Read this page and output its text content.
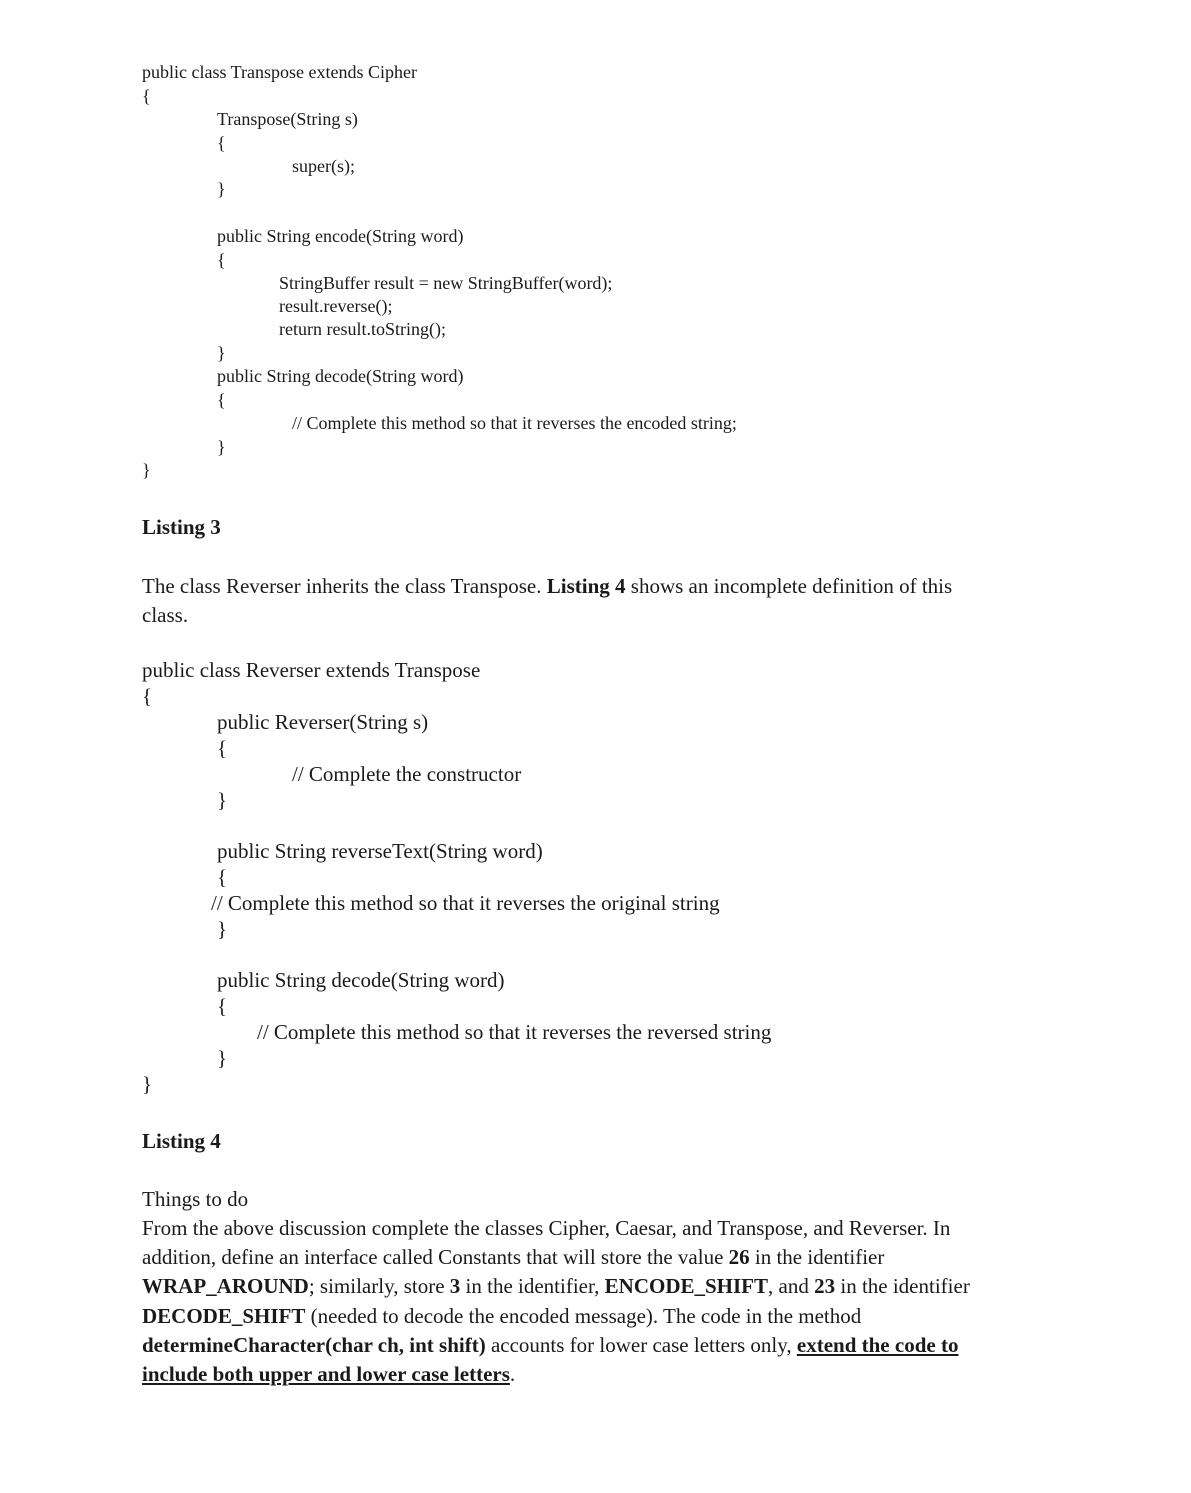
public class Transpose extends Cipher
{
Transpose(String s)
{
super(s);
}
public String encode(String word)
{
StringBuffer result = new StringBuffer(word);
result.reverse();
return result.toString();
}
public String decode(String word)
{
// Complete this method so that it reverses the encoded string;
}
}
Listing 3
The class Reverser inherits the class Transpose. Listing 4 shows an incomplete definition of this
class.
public class Reverser extends Transpose
{
public Reverser(String s)
{
// Complete the constructor
}
public String reverseText(String word)
{
// Complete this method so that it reverses the original string
}
public String decode(String word)
{
// Complete this method so that it reverses the reversed string
}
}
Listing 4
Things to do
From the above discussion complete the classes Cipher, Caesar, and Transpose, and Reverser. In
addition, define an interface called Constants that will store the value 26 in the identifier
WRAP_AROUND; similarly, store 3 in the identifier, ENCODE_SHIFT, and 23 in the identifier
DECODE_SHIFT (needed to decode the encoded message). The code in the method
determineCharacter(char ch, int shift) accounts for lower case letters only, extend the code to
include both upper and lower case letters.
